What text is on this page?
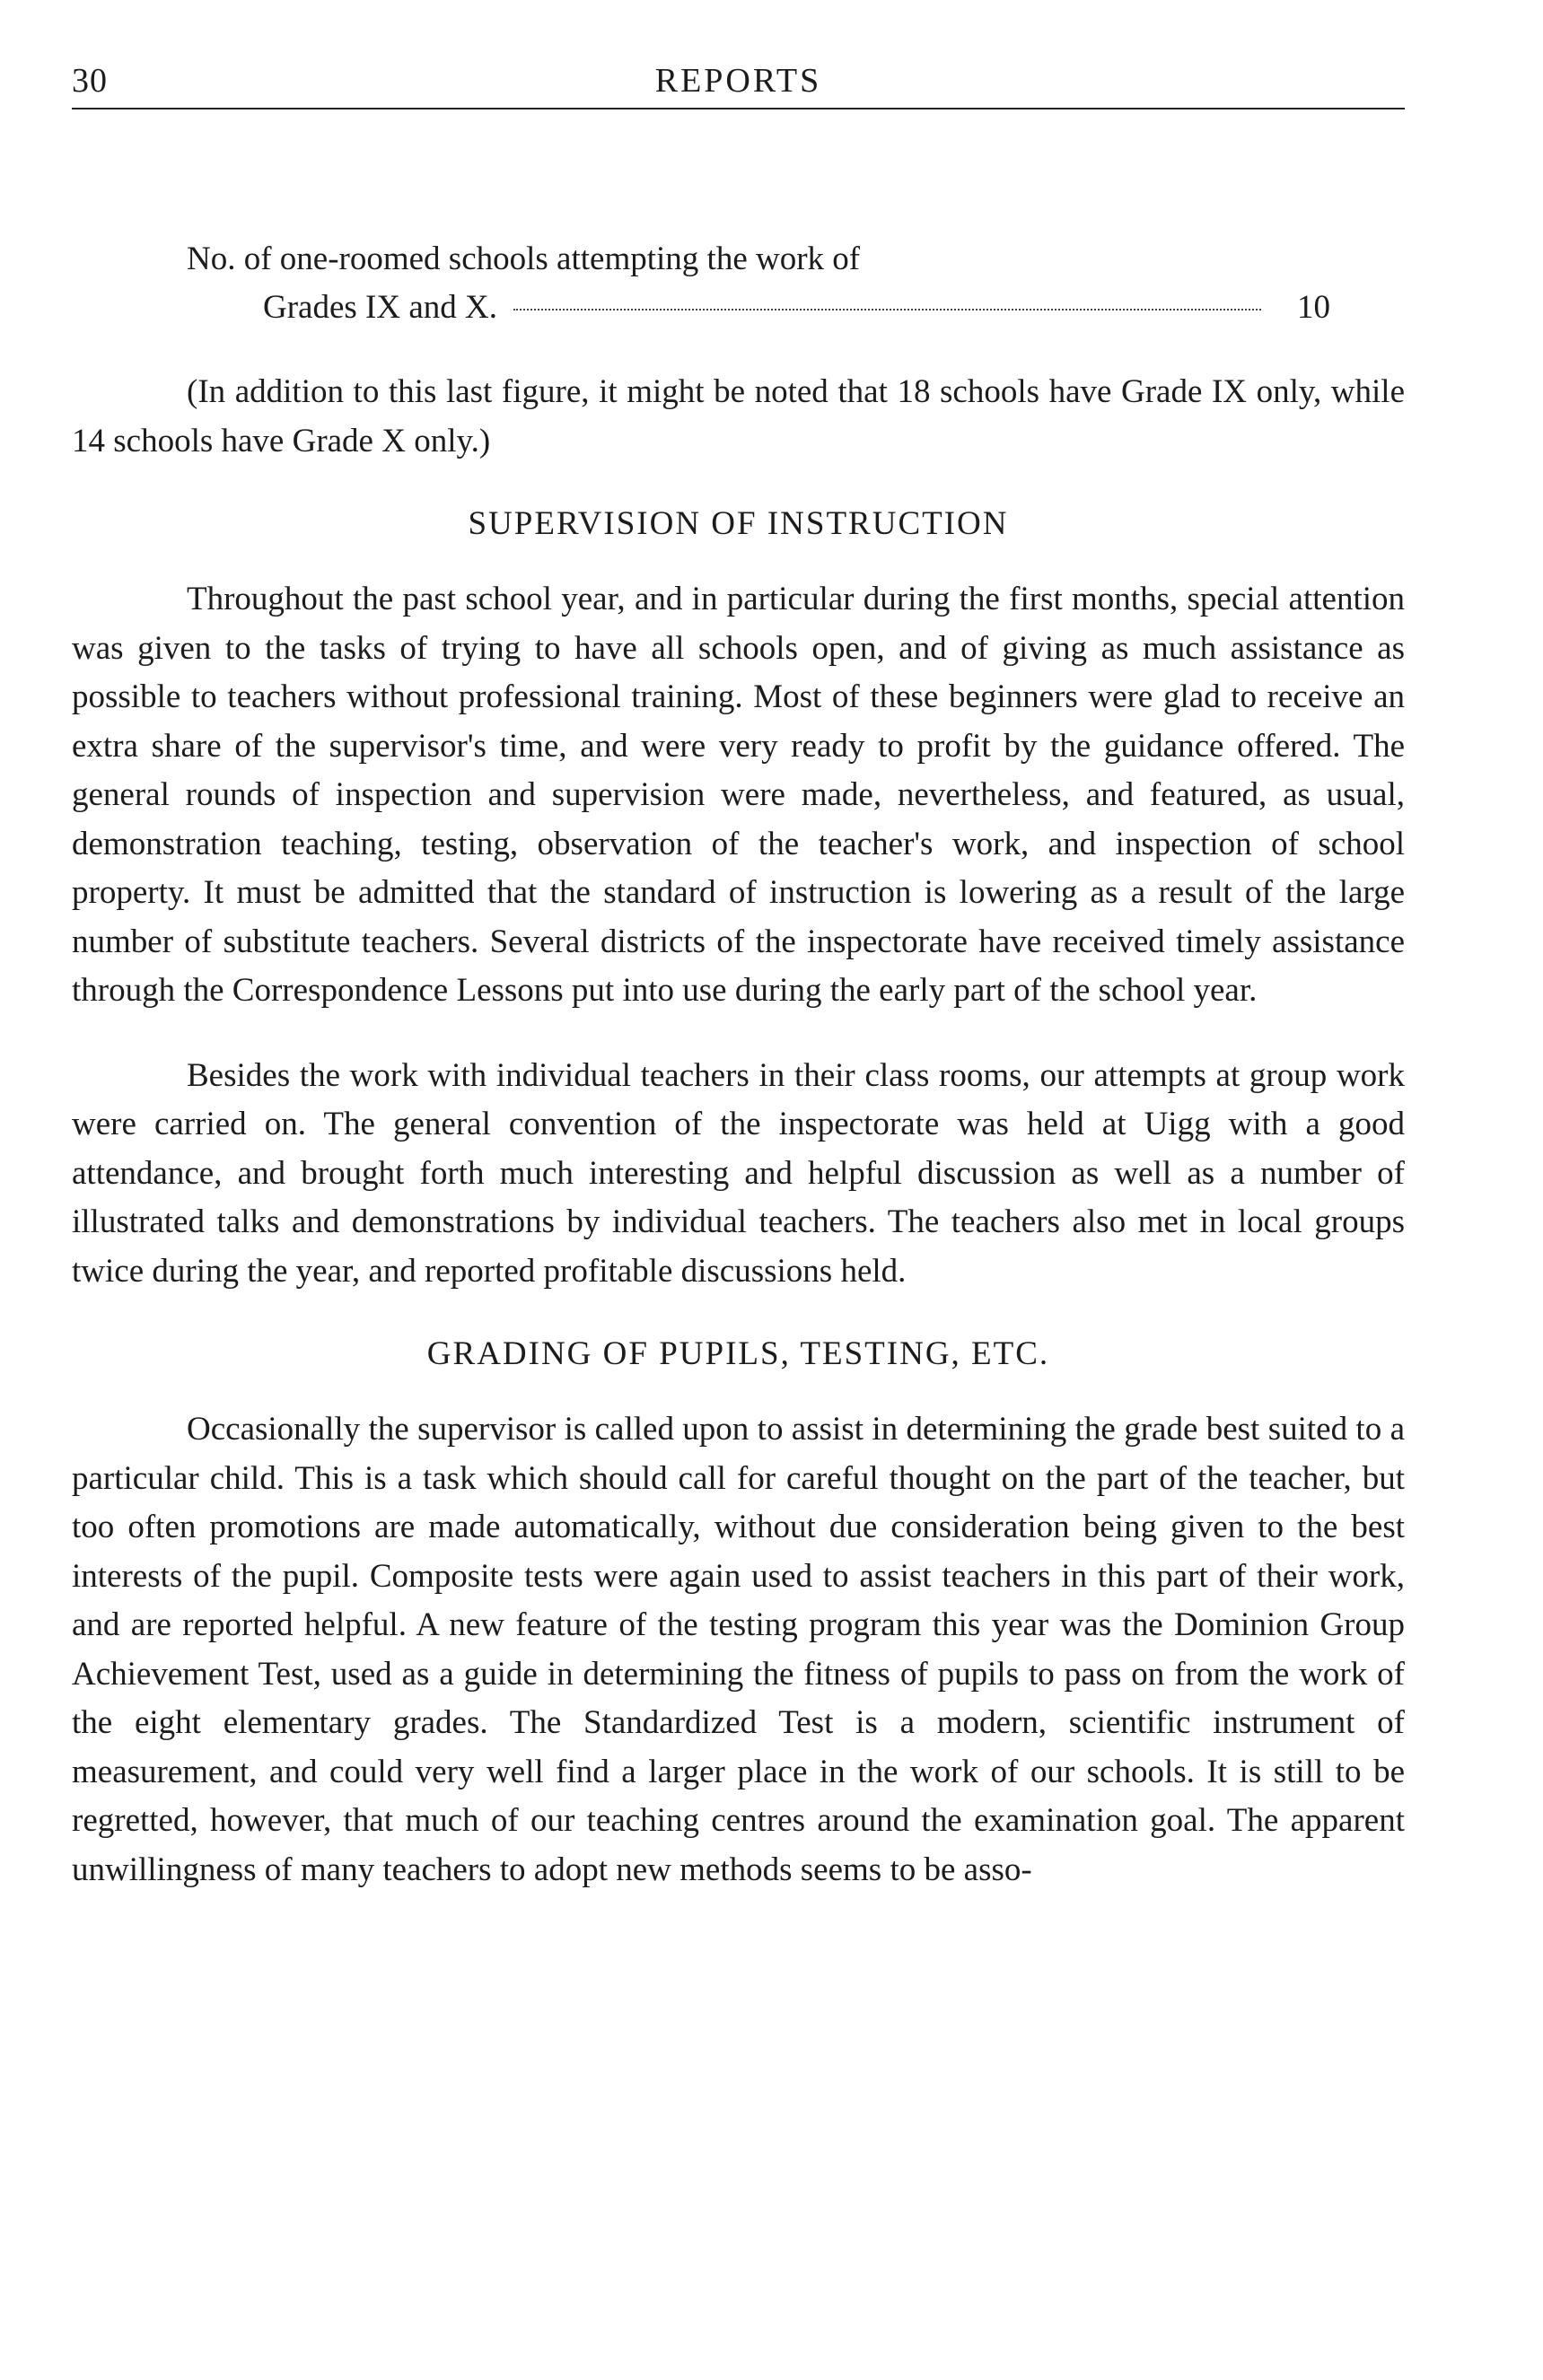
30	REPORTS
No. of one-roomed schools attempting the work of
Grades IX and X.	10

(In addition to this last figure, it might be noted that 18 schools have Grade IX only, while 14 schools have Grade X only.)

SUPERVISION OF INSTRUCTION

Throughout the past school year, and in particular during the first months, special attention was given to the tasks of trying to have all schools open, and of giving as much assistance as possible to teachers without professional training. Most of these beginners were glad to receive an extra share of the supervisor's time, and were very ready to profit by the guidance offered. The general rounds of inspection and supervision were made, nevertheless, and featured, as usual, demonstration teaching, testing, observation of the teacher's work, and inspection of school property. It must be admitted that the standard of instruction is lowering as a result of the large number of substitute teachers. Several districts of the inspectorate have received timely assistance through the Correspondence Lessons put into use during the early part of the school year.

Besides the work with individual teachers in their class rooms, our attempts at group work were carried on. The general convention of the inspectorate was held at Uigg with a good attendance, and brought forth much interesting and helpful discussion as well as a number of illustrated talks and demonstrations by individual teachers. The teachers also met in local groups twice during the year, and reported profitable discussions held.

GRADING OF PUPILS, TESTING, ETC.

Occasionally the supervisor is called upon to assist in determining the grade best suited to a particular child. This is a task which should call for careful thought on the part of the teacher, but too often promotions are made automatically, without due consideration being given to the best interests of the pupil. Composite tests were again used to assist teachers in this part of their work, and are reported helpful. A new feature of the testing program this year was the Dominion Group Achievement Test, used as a guide in determining the fitness of pupils to pass on from the work of the eight elementary grades. The Standardized Test is a modern, scientific instrument of measurement, and could very well find a larger place in the work of our schools. It is still to be regretted, however, that much of our teaching centres around the examination goal. The apparent unwillingness of many teachers to adopt new methods seems to be asso-
